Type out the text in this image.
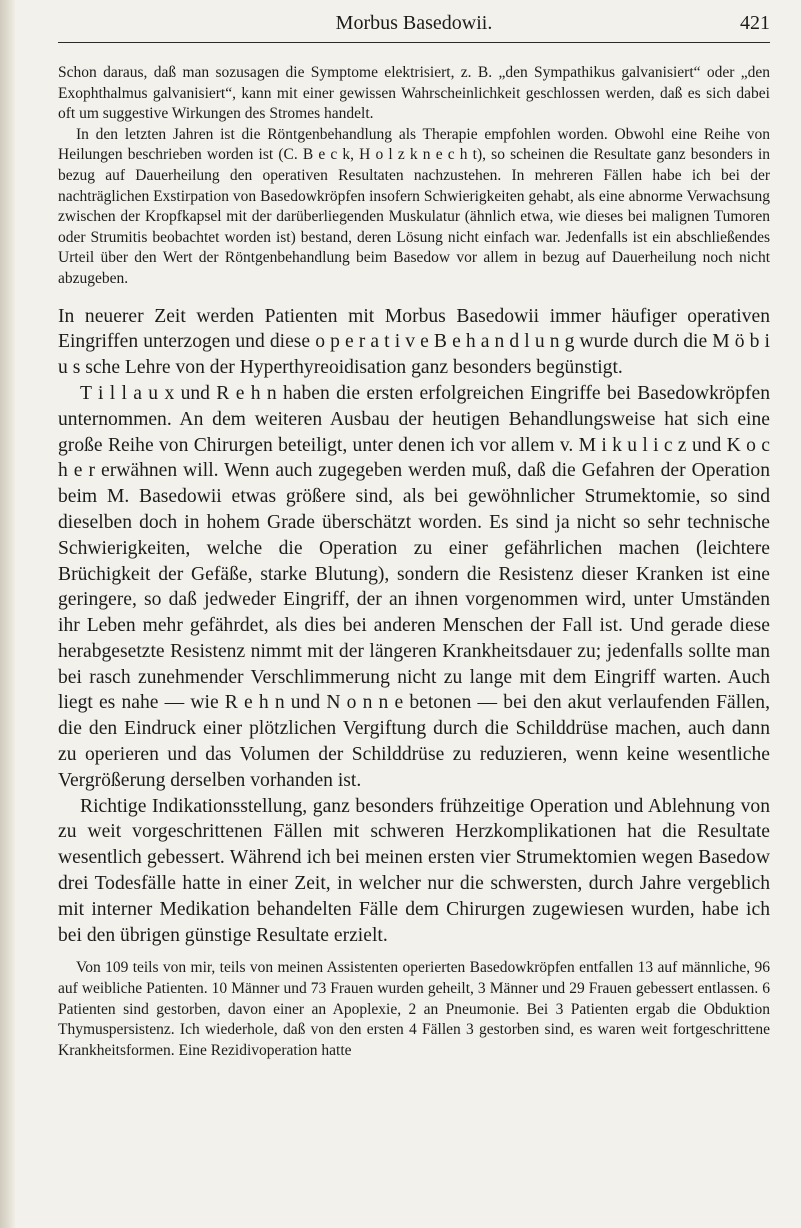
Morbus Basedowii.	421

Schon daraus, daß man sozusagen die Symptome elektrisiert, z. B. „den Sympathikus galvanisiert“ oder „den Exophthalmus galvanisiert“, kann mit einer gewissen Wahrscheinlichkeit geschlossen werden, daß es sich dabei oft um suggestive Wirkungen des Stromes handelt.

In den letzten Jahren ist die Röntgenbehandlung als Therapie empfohlen worden. Obwohl eine Reihe von Heilungen beschrieben worden ist (C. B e c k, H o l z k n e c h t), so scheinen die Resultate ganz besonders in bezug auf Dauerheilung den operativen Resultaten nachzustehen. In mehreren Fällen habe ich bei der nachträglichen Exstirpation von Basedowkröpfen insofern Schwierigkeiten gehabt, als eine abnorme Verwachsung zwischen der Kropfkapsel mit der darüberliegenden Muskulatur (ähnlich etwa, wie dieses bei malignen Tumoren oder Strumitis beobachtet worden ist) bestand, deren Lösung nicht einfach war. Jedenfalls ist ein abschließendes Urteil über den Wert der Röntgenbehandlung beim Basedow vor allem in bezug auf Dauerheilung noch nicht abzugeben.

In neuerer Zeit werden Patienten mit Morbus Basedowii immer häufiger operativen Eingriffen unterzogen und diese o p e r a t i v e B e h a n d l u n g wurde durch die M ö b i u s sche Lehre von der Hyperthyreoidisation ganz besonders begünstigt.

T i l l a u x und R e h n haben die ersten erfolgreichen Eingriffe bei Basedowkröpfen unternommen. An dem weiteren Ausbau der heutigen Behandlungsweise hat sich eine große Reihe von Chirurgen beteiligt, unter denen ich vor allem v. M i k u l i c z und K o c h e r erwähnen will. Wenn auch zugegeben werden muß, daß die Gefahren der Operation beim M. Basedowii etwas größere sind, als bei gewöhnlicher Strumektomie, so sind dieselben doch in hohem Grade überschätzt worden. Es sind ja nicht so sehr technische Schwierigkeiten, welche die Operation zu einer gefährlichen machen (leichtere Brüchigkeit der Gefäße, starke Blutung), sondern die Resistenz dieser Kranken ist eine geringere, so daß jedweder Eingriff, der an ihnen vorgenommen wird, unter Umständen ihr Leben mehr gefährdet, als dies bei anderen Menschen der Fall ist. Und gerade diese herabgesetzte Resistenz nimmt mit der längeren Krankheitsdauer zu; jedenfalls sollte man bei rasch zunehmender Verschlimmerung nicht zu lange mit dem Eingriff warten. Auch liegt es nahe — wie R e h n und N o n n e betonen — bei den akut verlaufenden Fällen, die den Eindruck einer plötzlichen Vergiftung durch die Schilddrüse machen, auch dann zu operieren und das Volumen der Schilddrüse zu reduzieren, wenn keine wesentliche Vergrößerung derselben vorhanden ist.

Richtige Indikationsstellung, ganz besonders frühzeitige Operation und Ablehnung von zu weit vorgeschrittenen Fällen mit schweren Herzkomplikationen hat die Resultate wesentlich gebessert. Während ich bei meinen ersten vier Strumektomien wegen Basedow drei Todesfälle hatte in einer Zeit, in welcher nur die schwersten, durch Jahre vergeblich mit interner Medikation behandelten Fälle dem Chirurgen zugewiesen wurden, habe ich bei den übrigen günstige Resultate erzielt.

Von 109 teils von mir, teils von meinen Assistenten operierten Basedowkröpfen entfallen 13 auf männliche, 96 auf weibliche Patienten. 10 Männer und 73 Frauen wurden geheilt, 3 Männer und 29 Frauen gebessert entlassen. 6 Patienten sind gestorben, davon einer an Apoplexie, 2 an Pneumonie. Bei 3 Patienten ergab die Obduktion Thymuspersistenz. Ich wiederhole, daß von den ersten 4 Fällen 3 gestorben sind, es waren weit fortgeschrittene Krankheitsformen. Eine Rezidivoperation hatte
